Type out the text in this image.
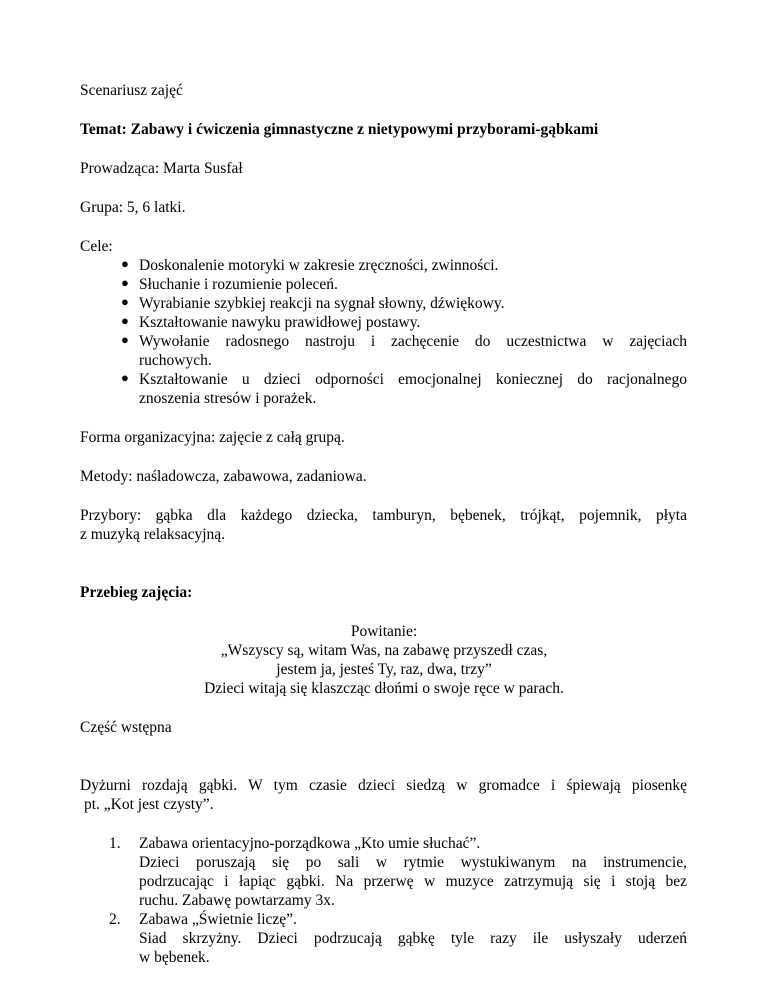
Scenariusz zajęć
Temat: Zabawy i ćwiczenia gimnastyczne z nietypowymi przyborami-gąbkami
Prowadząca: Marta Susfał
Grupa: 5, 6 latki.
Cele:
● Doskonalenie motoryki w zakresie zręczności, zwinności.
● Słuchanie i rozumienie poleceń.
● Wyrabianie szybkiej reakcji na sygnał słowny, dźwiękowy.
● Kształtowanie nawyku prawidłowej postawy.
● Wywołanie radosnego nastroju i zachęcenie do uczestnictwa w zajęciach
ruchowych.
● Kształtowanie u dzieci odporności emocjonalnej koniecznej do racjonalnego
znoszenia stresów i porażek.
Forma organizacyjna: zajęcie z całą grupą.
Metody: naśladowcza, zabawowa, zadaniowa.
Przybory: gąbka dla każdego dziecka, tamburyn, bębenek, trójkąt, pojemnik, płyta
z muzyką relaksacyjną.
Przebieg zajęcia:
Powitanie:
„Wszyscy są, witam Was, na zabawę przyszedł czas,
jestem ja, jesteś Ty, raz, dwa, trzy”
Dzieci witają się klaszcząc dłońmi o swoje ręce w parach.
Część wstępna
Dyżurni rozdają gąbki. W tym czasie dzieci siedzą w gromadce i śpiewają piosenkę
pt. „Kot jest czysty”.
1. Zabawa orientacyjno-porządkowa „Kto umie słuchać”.
Dzieci poruszają się po sali w rytmie wystukiwanym na instrumencie,
podrzucając i łapiąc gąbki. Na przerwę w muzyce zatrzymują się i stoją bez
ruchu. Zabawę powtarzamy 3x.
2. Zabawa „Świetnie liczę”.
Siad skrzyżny. Dzieci podrzucają gąbkę tyle razy ile usłyszały uderzeń
w bębenek.
